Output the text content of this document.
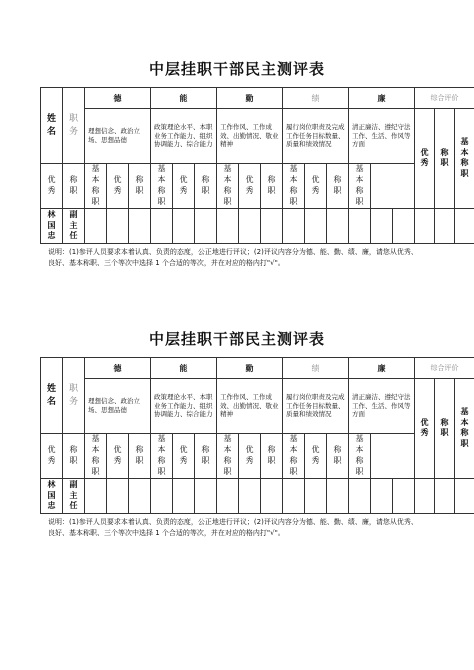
中层挂职干部民主测评表
姓名	职务	德			能			勤			绩			廉			综合评价		
		理想信念、政治立场、思想品德			政策理论水平、本职业务工作能力、组织协调能力、综合能力			工作作风、工作成效、出勤情况、敬业精神			履行岗位职责及完成工作任务目标数量、质量和绩效情况			清正廉洁、遵纪守法工作、生活、作风等方面			优秀	称职	基本称职

优秀	称职	基本称职	优秀	称职	基本称职	优秀	称职	基本称职	优秀	称职	基本称职	优秀	称职	基本称职					
林国忠	副主任																		
说明：(1)参评人员要求本着认真、负责的态度，公正地进行评议；(2)评议内容分为德、能、勤、绩、廉，请您从优秀、良好、基本称职、三个等次中选择 1 个合适的等次，并在对应的格内打"√"。
中层挂职干部民主测评表
姓名	职务	德			能			勤			绩			廉			综合评价		
		理想信念、政治立场、思想品德			政策理论水平、本职业务工作能力、组织协调能力、综合能力			工作作风、工作成效、出勤情况、敬业精神			履行岗位职责及完成工作任务目标数量、质量和绩效情况			清正廉洁、遵纪守法工作、生活、作风等方面			优秀	称职	基本称职

优秀	称职	基本称职	优秀	称职	基本称职	优秀	称职	基本称职	优秀	称职	基本称职	优秀	称职	基本称职					
林国忠	副主任																		
说明：(1)参评人员要求本着认真、负责的态度，公正地进行评议；(2)评议内容分为德、能、勤、绩、廉，请您从优秀、良好、基本称职、三个等次中选择 1 个合适的等次，并在对应的格内打"√"。
